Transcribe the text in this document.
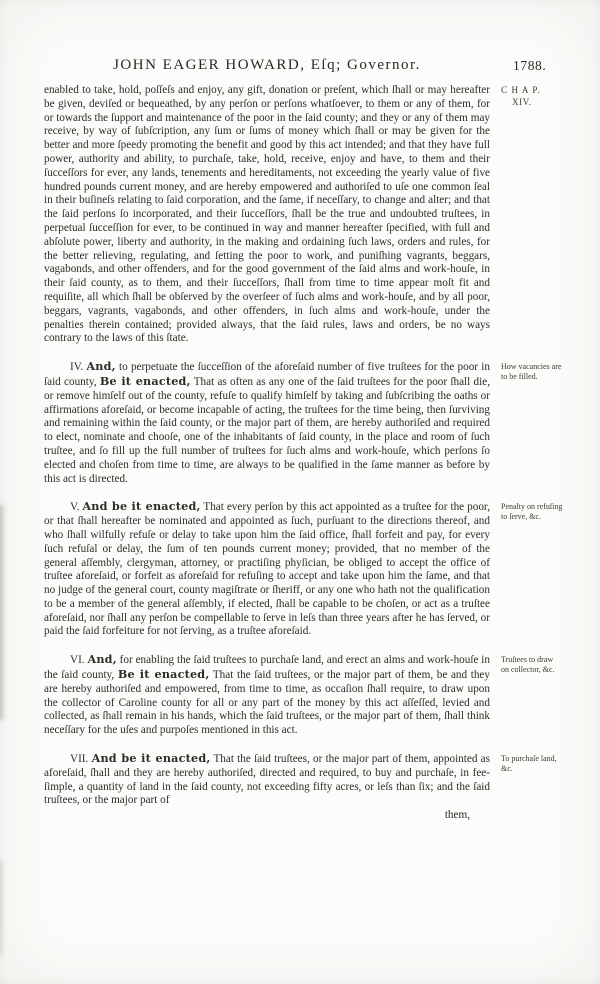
JOHN EAGER HOWARD, Eſq; Governor.	1788.
C H A P.
XIV.
enabled to take, hold, poſſeſs and enjoy, any gift, donation or preſent, which ſhall or may hereafter be given, deviſed or bequeathed, by any perſon or perſons whatſoever, to them or any of them, for or towards the ſupport and maintenance of the poor in the ſaid county; and they or any of them may receive, by way of ſubſcription, any ſum or ſums of money which ſhall or may be given for the better and more ſpeedy promoting the benefit and good by this act intended; and that they have full power, authority and ability, to purchaſe, take, hold, receive, enjoy and have, to them and their ſucceſſors for ever, any lands, tenements and hereditaments, not exceeding the yearly value of five hundred pounds current money, and are hereby empowered and authoriſed to uſe one common ſeal in their buſineſs relating to ſaid corporation, and the ſame, if neceſſary, to change and alter; and that the ſaid perſons ſo incorporated, and their ſucceſſors, ſhall be the true and undoubted truſtees, in perpetual ſucceſſion for ever, to be continued in way and manner hereafter ſpecified, with full and abſolute power, liberty and authority, in the making and ordaining ſuch laws, orders and rules, for the better relieving, regulating, and ſetting the poor to work, and puniſhing vagrants, beggars, vagabonds, and other offenders, and for the good government of the ſaid alms and work-houſe, in their ſaid county, as to them, and their ſucceſſors, ſhall from time to time appear moſt fit and requiſite, all which ſhall be obſerved by the overſeer of ſuch alms and work-houſe, and by all poor, beggars, vagrants, vagabonds, and other offenders, in ſuch alms and work-houſe, under the penalties therein contained; provided always, that the ſaid rules, laws and orders, be no ways contrary to the laws of this ſtate.
IV. And, to perpetuate the ſucceſſion of the aforeſaid number of five truſtees for the poor in ſaid county, Be it enacted, That as often as any one of the ſaid truſtees for the poor ſhall die, or remove himſelf out of the county, refuſe to qualify himſelf by taking and ſubſcribing the oaths or affirmations aforeſaid, or become incapable of acting, the truſtees for the time being, then ſurviving and remaining within the ſaid county, or the major part of them, are hereby authoriſed and required to elect, nominate and chooſe, one of the inhabitants of ſaid county, in the place and room of ſuch truſtee, and ſo fill up the full number of truſtees for ſuch alms and work-houſe, which perſons ſo elected and choſen from time to time, are always to be qualified in the ſame manner as before by this act is directed.
How vacancies are to be filled.
V. And be it enacted, That every perſon by this act appointed as a truſtee for the poor, or that ſhall hereafter be nominated and appointed as ſuch, purſuant to the directions thereof, and who ſhall wilfully refuſe or delay to take upon him the ſaid office, ſhall forfeit and pay, for every ſuch refuſal or delay, the ſum of ten pounds current money; provided, that no member of the general aſſembly, clergyman, attorney, or practiſing phyſician, be obliged to accept the office of truſtee aforeſaid, or forfeit as aforeſaid for refuſing to accept and take upon him the ſame, and that no judge of the general court, county magiſtrate or ſheriff, or any one who hath not the qualification to be a member of the general aſſembly, if elected, ſhall be capable to be choſen, or act as a truſtee aforeſaid, nor ſhall any perſon be compellable to ſerve in leſs than three years after he has ſerved, or paid the ſaid forfeiture for not ſerving, as a truſtee aforeſaid.
Penalty on refuſing to ſerve, &c.
VI. And, for enabling the ſaid truſtees to purchaſe land, and erect an alms and work-houſe in the ſaid county, Be it enacted, That the ſaid truſtees, or the major part of them, be and they are hereby authoriſed and empowered, from time to time, as occaſion ſhall require, to draw upon the collector of Caroline county for all or any part of the money by this act aſſeſſed, levied and collected, as ſhall remain in his hands, which the ſaid truſtees, or the major part of them, ſhall think neceſſary for the uſes and purpoſes mentioned in this act.
Truſtees to draw on collector, &c.
VII. And be it enacted, That the ſaid truſtees, or the major part of them, appointed as aforeſaid, ſhall and they are hereby authoriſed, directed and required, to buy and purchaſe, in fee-ſimple, a quantity of land in the ſaid county, not exceeding fifty acres, or leſs than ſix; and the ſaid truſtees, or the major part of
To purchaſe land, &c.
them,
